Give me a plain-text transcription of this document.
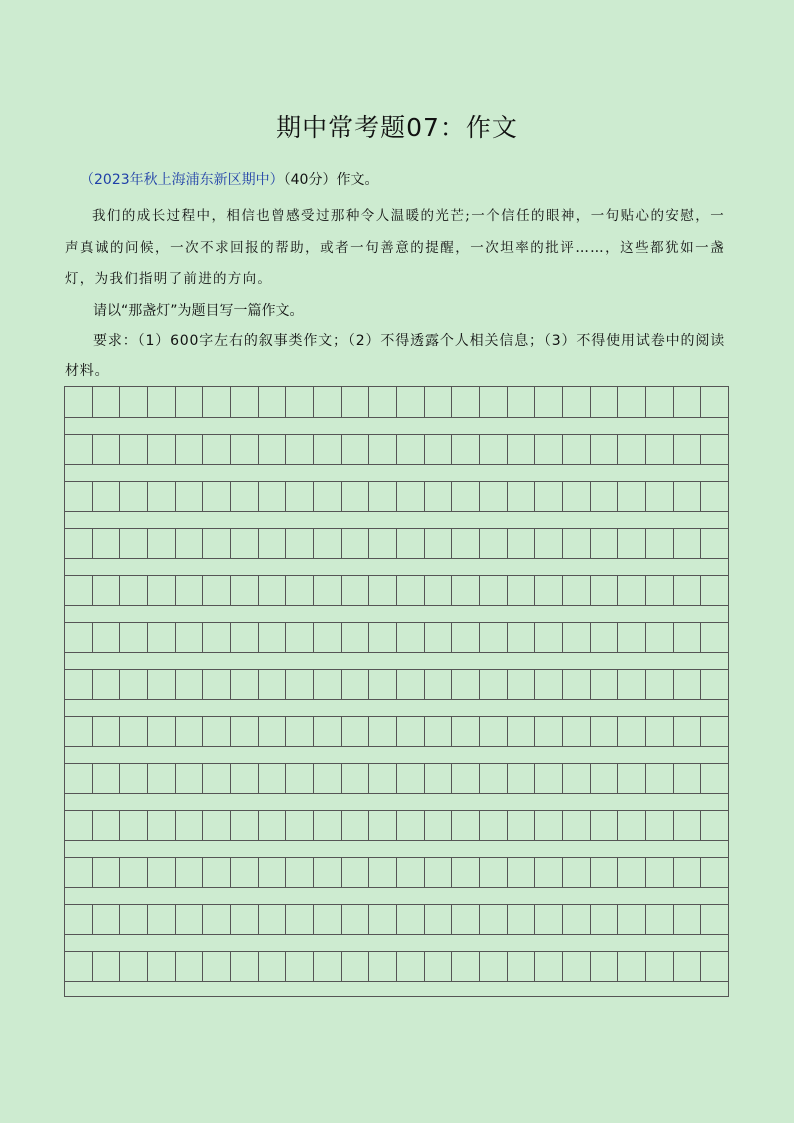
期中常考题07：作文
（2023年秋上海浦东新区期中）（40分）作文。

我们的成长过程中，相信也曾感受过那种令人温暖的光芒;一个信任的眼神，一句贴心的安慰，一声真诚的问候，一次不求回报的帮助，或者一句善意的提醒，一次坦率的批评……，这些都犹如一盏灯，为我们指明了前进的方向。

请以“那盏灯”为题目写一篇作文。

要求：（1）600字左右的叙事类作文；（2）不得透露个人相关信息；（3）不得使用试卷中的阅读材料。
